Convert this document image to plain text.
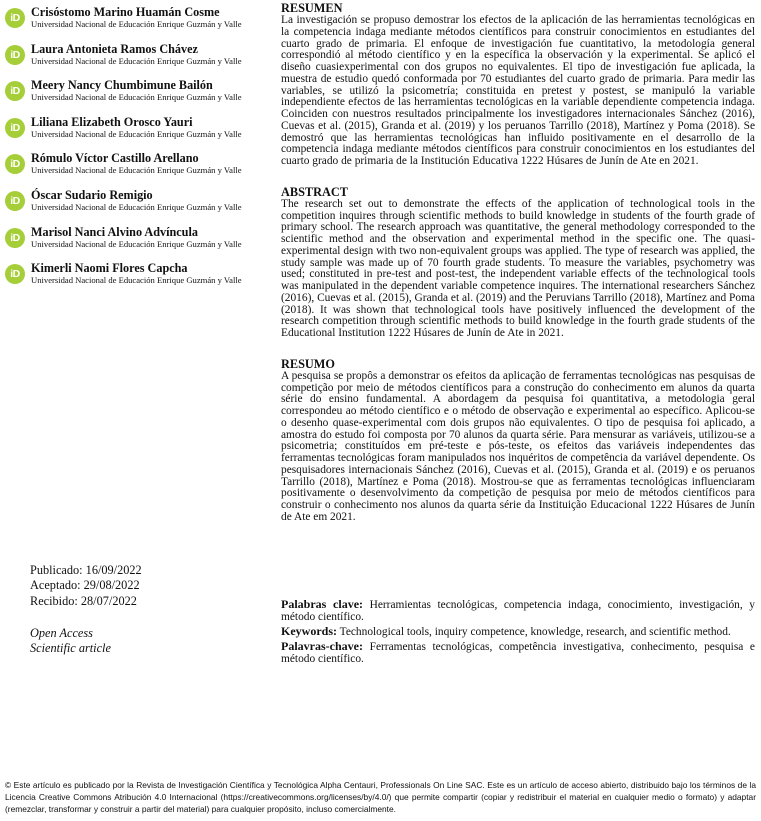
iD Crisóstomo Marino Huamán Cosme
Universidad Nacional de Educación Enrique Guzmán y Valle
iD Laura Antonieta Ramos Chávez
Universidad Nacional de Educación Enrique Guzmán y Valle
iD Meery Nancy Chumbimune Bailón
Universidad Nacional de Educación Enrique Guzmán y Valle
iD Liliana Elizabeth Orosco Yauri
Universidad Nacional de Educación Enrique Guzmán y Valle
iD Rómulo Víctor Castillo Arellano
Universidad Nacional de Educación Enrique Guzmán y Valle
iD Óscar Sudario Remigio
Universidad Nacional de Educación Enrique Guzmán y Valle
iD Marisol Nanci Alvino Advíncula
Universidad Nacional de Educación Enrique Guzmán y Valle
iD Kimerli Naomi Flores Capcha
Universidad Nacional de Educación Enrique Guzmán y Valle
Publicado: 16/09/2022
Aceptado: 29/08/2022
Recibido: 28/07/2022
Open Access
Scientific article

RESUMEN

La investigación se propuso demostrar los efectos de la aplicación de las herramientas tecnológicas en la competencia indaga mediante métodos científicos para construir conocimientos en estudiantes del cuarto grado de primaria. El enfoque de investigación fue cuantitativo, la metodología general correspondió al método científico y en la específica la observación y la experimental. Se aplicó el diseño cuasiexperimental con dos grupos no equivalentes. El tipo de investigación fue aplicada, la muestra de estudio quedó conformada por 70 estudiantes del cuarto grado de primaria. Para medir las variables, se utilizó la psicometría; constituida en pretest y postest, se manipuló la variable independiente efectos de las herramientas tecnológicas en la variable dependiente competencia indaga. Coinciden con nuestros resultados principalmente los investigadores internacionales Sánchez (2016), Cuevas et al. (2015), Granda et al. (2019) y los peruanos Tarrillo (2018), Martínez y Poma (2018). Se demostró que las herramientas tecnológicas han influido positivamente en el desarrollo de la competencia indaga mediante métodos científicos para construir conocimientos en los estudiantes del cuarto grado de primaria de la Institución Educativa 1222 Húsares de Junín de Ate en 2021.

ABSTRACT

The research set out to demonstrate the effects of the application of technological tools in the competition inquires through scientific methods to build knowledge in students of the fourth grade of primary school. The research approach was quantitative, the general methodology corresponded to the scientific method and the observation and experimental method in the specific one. The quasi-experimental design with two non-equivalent groups was applied. The type of research was applied, the study sample was made up of 70 fourth grade students. To measure the variables, psychometry was used; constituted in pre-test and post-test, the independent variable effects of the technological tools was manipulated in the dependent variable competence inquires. The international researchers Sánchez (2016), Cuevas et al. (2015), Granda et al. (2019) and the Peruvians Tarrillo (2018), Martínez and Poma (2018). It was shown that technological tools have positively influenced the development of the research competition through scientific methods to build knowledge in the fourth grade students of the Educational Institution 1222 Húsares de Junín de Ate in 2021.

RESUMO

A pesquisa se propôs a demonstrar os efeitos da aplicação de ferramentas tecnológicas nas pesquisas de competição por meio de métodos científicos para a construção do conhecimento em alunos da quarta série do ensino fundamental. A abordagem da pesquisa foi quantitativa, a metodologia geral correspondeu ao método científico e o método de observação e experimental ao específico. Aplicou-se o desenho quase-experimental com dois grupos não equivalentes. O tipo de pesquisa foi aplicado, a amostra do estudo foi composta por 70 alunos da quarta série. Para mensurar as variáveis, utilizou-se a psicometria; constituídos em pré-teste e pós-teste, os efeitos das variáveis independentes das ferramentas tecnológicas foram manipulados nos inquéritos de competência da variável dependente. Os pesquisadores internacionais Sánchez (2016), Cuevas et al. (2015), Granda et al. (2019) e os peruanos Tarrillo (2018), Martínez e Poma (2018). Mostrou-se que as ferramentas tecnológicas influenciaram positivamente o desenvolvimento da competição de pesquisa por meio de métodos científicos para construir o conhecimento nos alunos da quarta série da Instituição Educacional 1222 Húsares de Junín de Ate em 2021.

Palabras clave: Herramientas tecnológicas, competencia indaga, conocimiento, investigación, y método científico.

Keywords: Technological tools, inquiry competence, knowledge, research, and scientific method.

Palavras-chave: Ferramentas tecnológicas, competência investigativa, conhecimento, pesquisa e método científico.

© Este artículo es publicado por la Revista de Investigación Científica y Tecnológica Alpha Centauri, Professionals On Line SAC. Este es un artículo de acceso abierto, distribuido bajo los términos de la Licencia Creative Commons Atribución 4.0 Internacional (https://creativecommons.org/licenses/by/4.0/) que permite compartir (copiar y redistribuir el material en cualquier medio o formato) y adaptar (remezclar, transformar y construir a partir del material) para cualquier propósito, incluso comercialmente.
